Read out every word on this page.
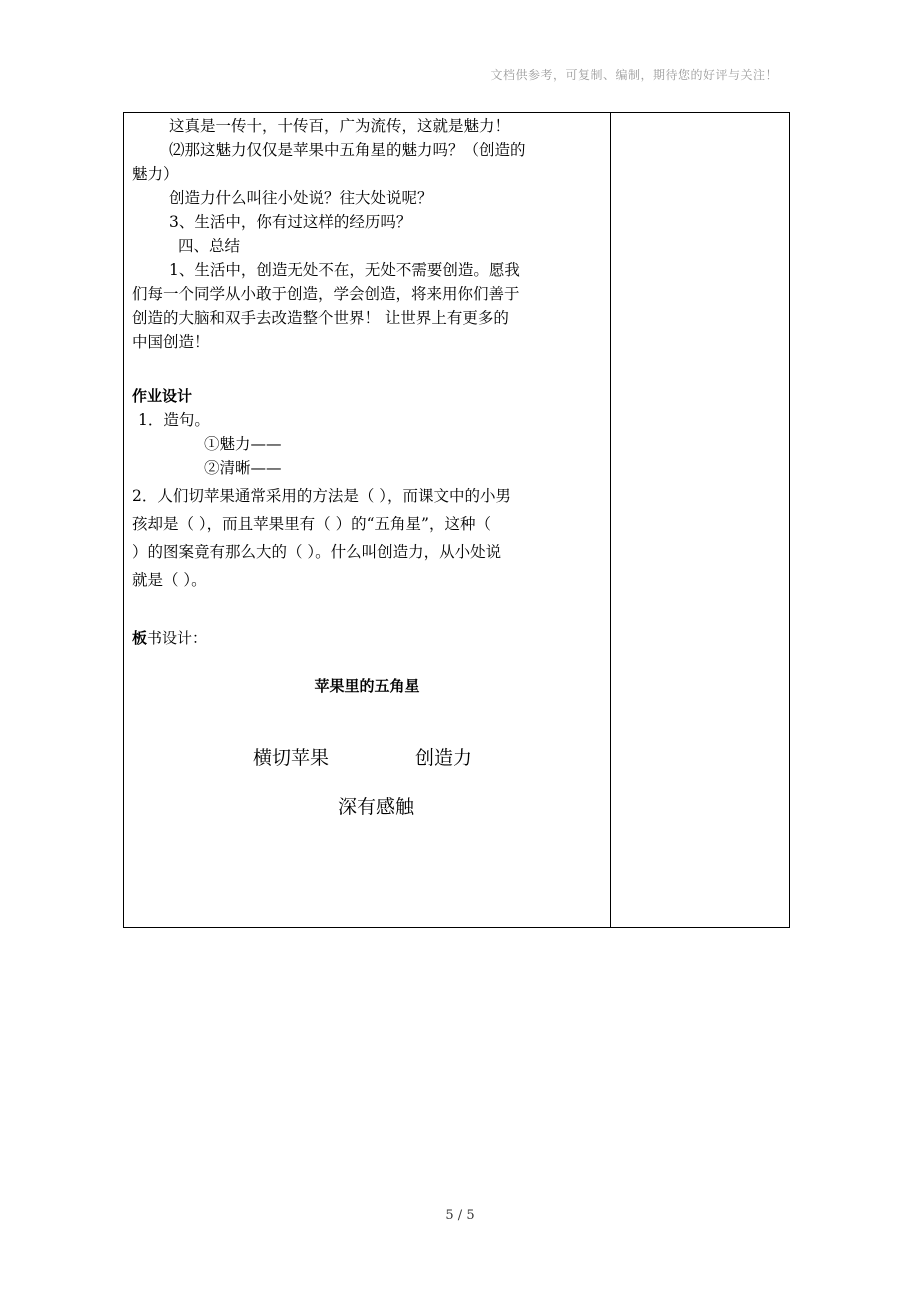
文档供参考，可复制、编制，期待您的好评与关注！
这真是一传十，十传百，广为流传，这就是魅力！
⑵那这魅力仅仅是苹果中五角星的魅力吗？（创造的
魅力）
创造力什么叫往小处说？往大处说呢？
3、生活中，你有过这样的经历吗？
四、总结
1、生活中，创造无处不在，无处不需要创造。愿我
们每一个同学从小敢于创造，学会创造，将来用你们善于
创造的大脑和双手去改造整个世界！ 让世界上有更多的
中国创造！
作业设计
1．造句。
①魅力——
②清晰——
2．人们切苹果通常采用的方法是（ ），而课文中的小男
孩却是（ ），而且苹果里有（ ）的“五角星”，这种（
）的图案竟有那么大的（ ）。什么叫创造力，从小处说
就是（ ）。
板书设计：
苹果里的五角星
横切苹果	创造力
深有感触
5 / 5
